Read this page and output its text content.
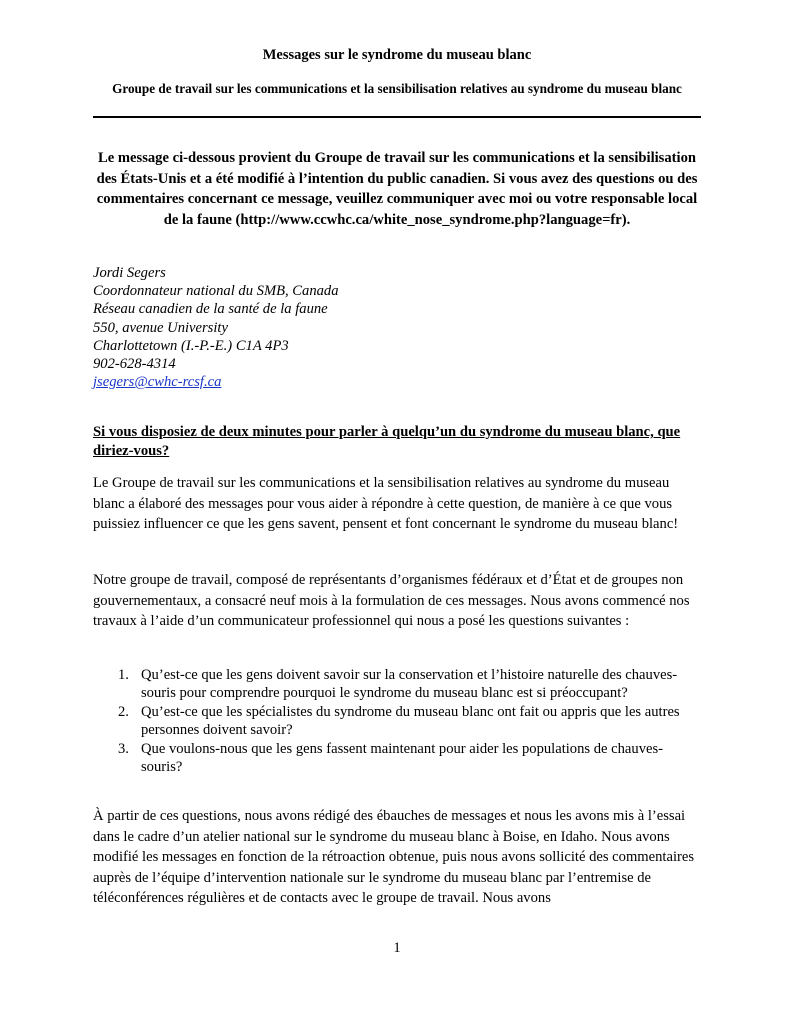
Messages sur le syndrome du museau blanc

Groupe de travail sur les communications et la sensibilisation relatives au syndrome du museau blanc

Le message ci-dessous provient du Groupe de travail sur les communications et la sensibilisation des États-Unis et a été modifié à l’intention du public canadien. Si vous avez des questions ou des commentaires concernant ce message, veuillez communiquer avec moi ou votre responsable local de la faune (http://www.ccwhc.ca/white_nose_syndrome.php?language=fr).

Jordi Segers
Coordonnateur national du SMB, Canada
Réseau canadien de la santé de la faune
550, avenue University
Charlottetown (I.-P.-E.) C1A 4P3
902-628-4314
jsegers@cwhc-rcsf.ca

Si vous disposiez de deux minutes pour parler à quelqu’un du syndrome du museau blanc, que diriez-vous?

Le Groupe de travail sur les communications et la sensibilisation relatives au syndrome du museau blanc a élaboré des messages pour vous aider à répondre à cette question, de manière à ce que vous puissiez influencer ce que les gens savent, pensent et font concernant le syndrome du museau blanc!

Notre groupe de travail, composé de représentants d’organismes fédéraux et d’État et de groupes non gouvernementaux, a consacré neuf mois à la formulation de ces messages. Nous avons commencé nos travaux à l’aide d’un communicateur professionnel qui nous a posé les questions suivantes :

1. Qu’est-ce que les gens doivent savoir sur la conservation et l’histoire naturelle des chauves-souris pour comprendre pourquoi le syndrome du museau blanc est si préoccupant?
2. Qu’est-ce que les spécialistes du syndrome du museau blanc ont fait ou appris que les autres personnes doivent savoir?
3. Que voulons-nous que les gens fassent maintenant pour aider les populations de chauves-souris?

À partir de ces questions, nous avons rédigé des ébauches de messages et nous les avons mis à l’essai dans le cadre d’un atelier national sur le syndrome du museau blanc à Boise, en Idaho. Nous avons modifié les messages en fonction de la rétroaction obtenue, puis nous avons sollicité des commentaires auprès de l’équipe d’intervention nationale sur le syndrome du museau blanc par l’entremise de téléconférences régulières et de contacts avec le groupe de travail. Nous avons

1
